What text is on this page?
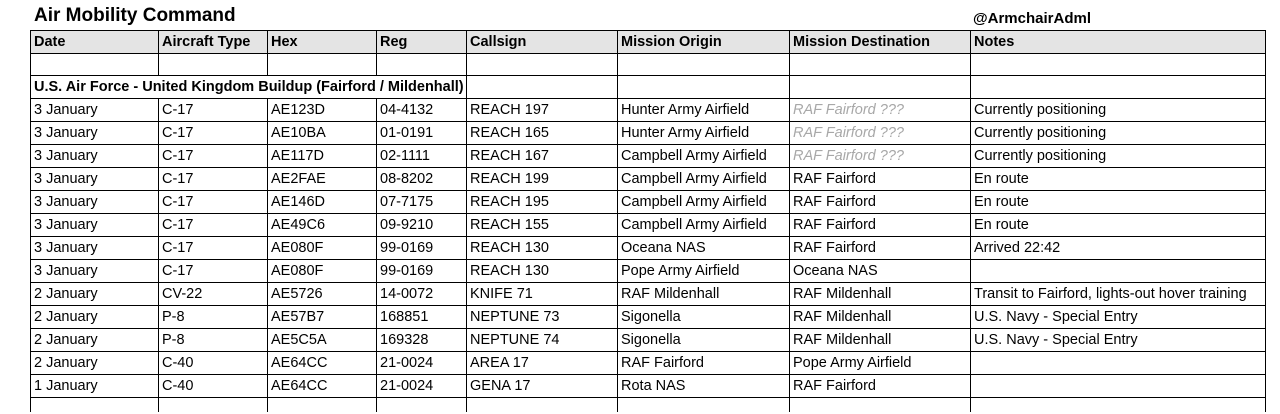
Air Mobility Command	@ArmchairAdml
Date	Aircraft Type	Hex	Reg	Callsign	Mission Origin	Mission Destination	Notes

U.S. Air Force - United Kingdom Buildup (Fairford / Mildenhall)							
3 January	C-17	AE123D	04-4132	REACH 197	Hunter Army Airfield	RAF Fairford ???	Currently positioning
3 January	C-17	AE10BA	01-0191	REACH 165	Hunter Army Airfield	RAF Fairford ???	Currently positioning
3 January	C-17	AE117D	02-1111	REACH 167	Campbell Army Airfield	RAF Fairford ???	Currently positioning
3 January	C-17	AE2FAE	08-8202	REACH 199	Campbell Army Airfield	RAF Fairford	En route
3 January	C-17	AE146D	07-7175	REACH 195	Campbell Army Airfield	RAF Fairford	En route
3 January	C-17	AE49C6	09-9210	REACH 155	Campbell Army Airfield	RAF Fairford	En route
3 January	C-17	AE080F	99-0169	REACH 130	Oceana NAS	RAF Fairford	Arrived 22:42
3 January	C-17	AE080F	99-0169	REACH 130	Pope Army Airfield	Oceana NAS	
2 January	CV-22	AE5726	14-0072	KNIFE 71	RAF Mildenhall	RAF Mildenhall	Transit to Fairford, lights-out hover training
2 January	P-8	AE57B7	168851	NEPTUNE 73	Sigonella	RAF Mildenhall	U.S. Navy - Special Entry
2 January	P-8	AE5C5A	169328	NEPTUNE 74	Sigonella	RAF Mildenhall	U.S. Navy - Special Entry
2 January	C-40	AE64CC	21-0024	AREA 17	RAF Fairford	Pope Army Airfield	
1 January	C-40	AE64CC	21-0024	GENA 17	Rota NAS	RAF Fairford	
